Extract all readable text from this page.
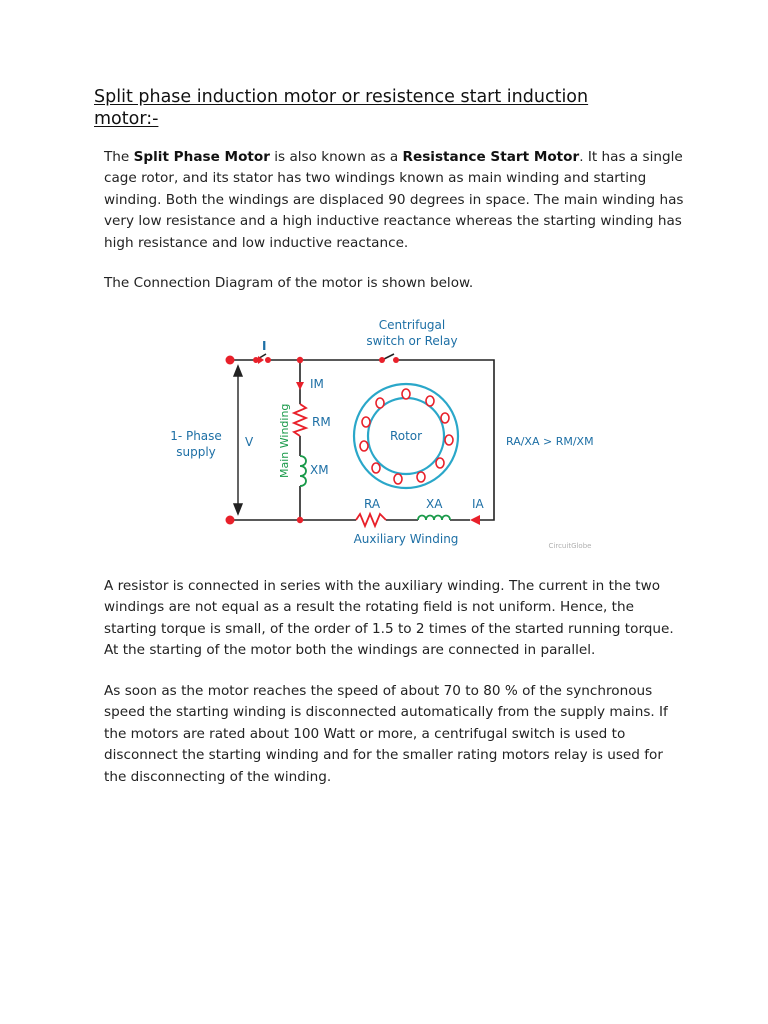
Split phase induction motor or resistence start induction motor:-

The Split Phase Motor is also known as a Resistance Start Motor. It has a single cage rotor, and its stator has two windings known as main winding and starting winding. Both the windings are displaced 90 degrees in space. The main winding has very low resistance and a high inductive reactance whereas the starting winding has high resistance and low inductive reactance.

The Connection Diagram of the motor is shown below.

Centrifugal
switch or Relay
I
IM
RM
XM
Main Winding
1- Phase
supply
V	Rotor	RA/XA > RM/XM
RA	XA IA
Auxiliary Winding	CircuitGlobe

A resistor is connected in series with the auxiliary winding. The current in the two windings are not equal as a result the rotating field is not uniform. Hence, the starting torque is small, of the order of 1.5 to 2 times of the started running torque. At the starting of the motor both the windings are connected in parallel.

As soon as the motor reaches the speed of about 70 to 80 % of the synchronous speed the starting winding is disconnected automatically from the supply mains. If the motors are rated about 100 Watt or more, a centrifugal switch is used to disconnect the starting winding and for the smaller rating motors relay is used for the disconnecting of the winding.
